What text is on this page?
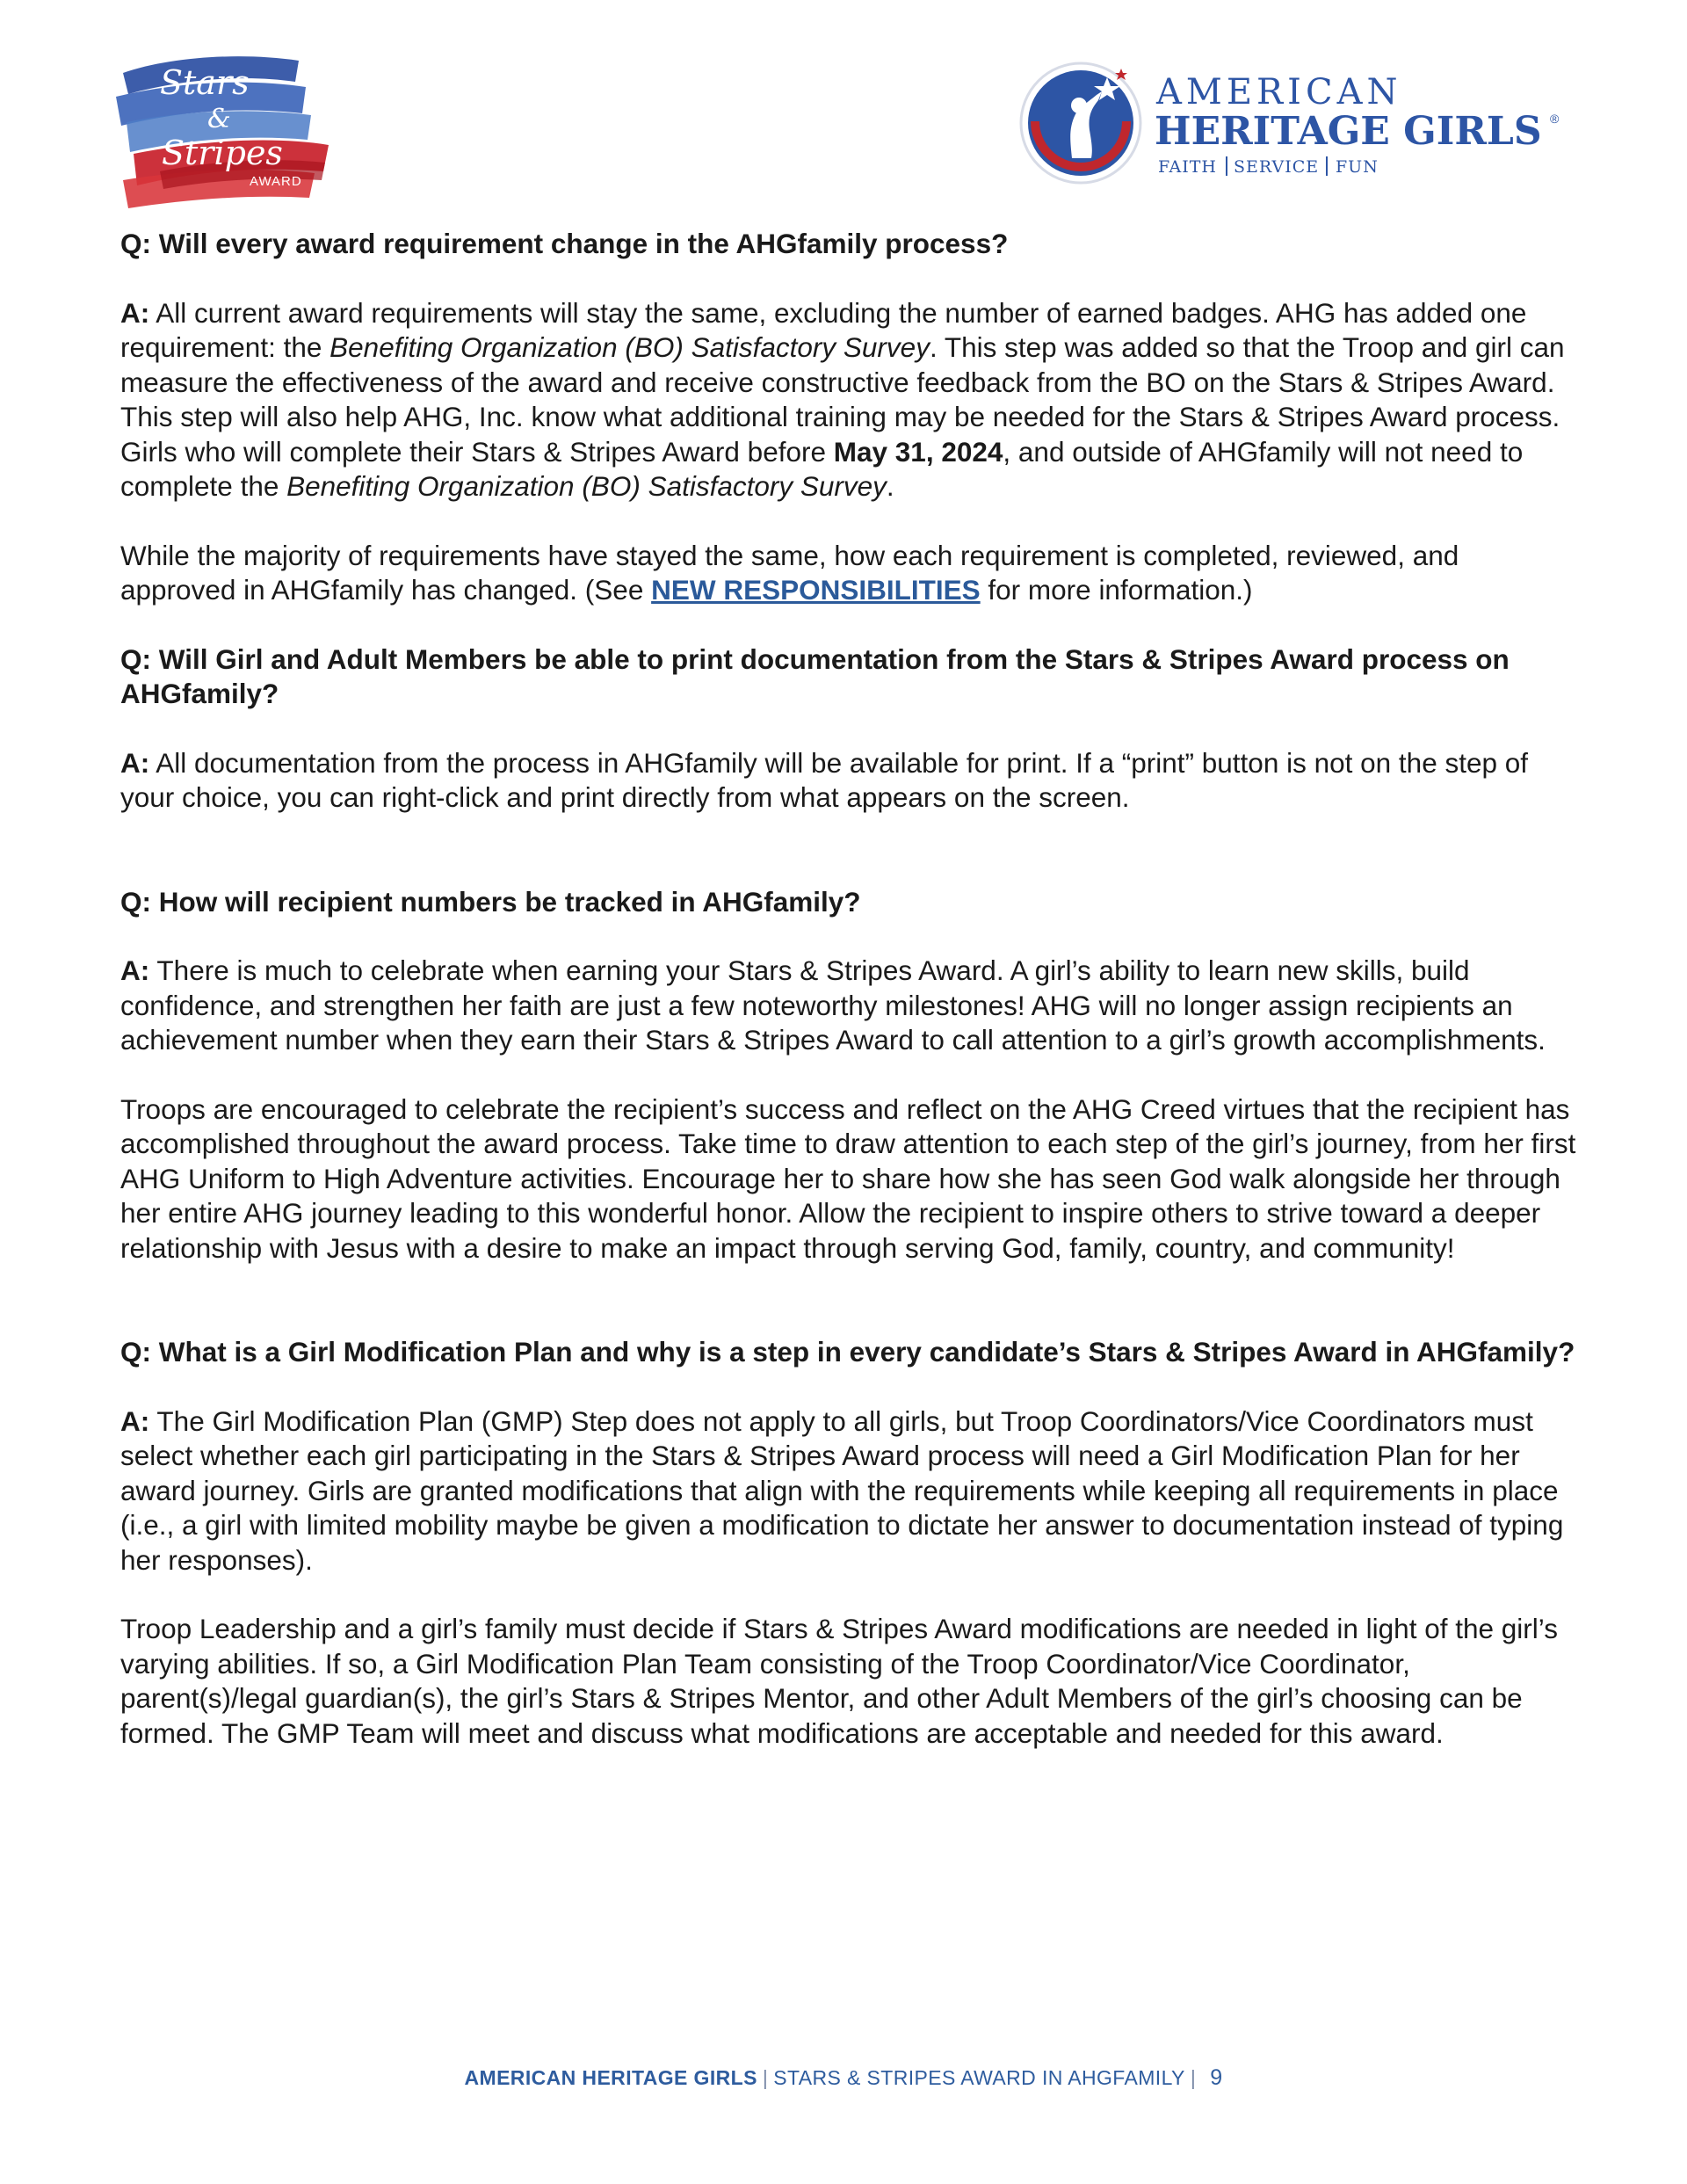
Stars
&
Stripes
AWARD
AMERICAN
HERITAGE GIRLS ®
FAITH SERVICE FUN

Q: Will every award requirement change in the AHGfamily process?

A: All current award requirements will stay the same, excluding the number of earned badges. AHG has added one requirement: the Benefiting Organization (BO) Satisfactory Survey. This step was added so that the Troop and girl can measure the effectiveness of the award and receive constructive feedback from the BO on the Stars & Stripes Award. This step will also help AHG, Inc. know what additional training may be needed for the Stars & Stripes Award process. Girls who will complete their Stars & Stripes Award before May 31, 2024, and outside of AHGfamily will not need to complete the Benefiting Organization (BO) Satisfactory Survey.

While the majority of requirements have stayed the same, how each requirement is completed, reviewed, and approved in AHGfamily has changed. (See NEW RESPONSIBILITIES for more information.)

Q: Will Girl and Adult Members be able to print documentation from the Stars & Stripes Award process on AHGfamily?

A: All documentation from the process in AHGfamily will be available for print. If a “print” button is not on the step of your choice, you can right-click and print directly from what appears on the screen.

Q: How will recipient numbers be tracked in AHGfamily?

A: There is much to celebrate when earning your Stars & Stripes Award. A girl’s ability to learn new skills, build confidence, and strengthen her faith are just a few noteworthy milestones! AHG will no longer assign recipients an achievement number when they earn their Stars & Stripes Award to call attention to a girl’s growth accomplishments.

Troops are encouraged to celebrate the recipient’s success and reflect on the AHG Creed virtues that the recipient has accomplished throughout the award process. Take time to draw attention to each step of the girl’s journey, from her first AHG Uniform to High Adventure activities. Encourage her to share how she has seen God walk alongside her through her entire AHG journey leading to this wonderful honor. Allow the recipient to inspire others to strive toward a deeper relationship with Jesus with a desire to make an impact through serving God, family, country, and community!

Q: What is a Girl Modification Plan and why is a step in every candidate’s Stars & Stripes Award in AHGfamily?

A: The Girl Modification Plan (GMP) Step does not apply to all girls, but Troop Coordinators/Vice Coordinators must select whether each girl participating in the Stars & Stripes Award process will need a Girl Modification Plan for her award journey. Girls are granted modifications that align with the requirements while keeping all requirements in place (i.e., a girl with limited mobility maybe be given a modification to dictate her answer to documentation instead of typing her responses).

Troop Leadership and a girl’s family must decide if Stars & Stripes Award modifications are needed in light of the girl’s varying abilities. If so, a Girl Modification Plan Team consisting of the Troop Coordinator/Vice Coordinator, parent(s)/legal guardian(s), the girl’s Stars & Stripes Mentor, and other Adult Members of the girl’s choosing can be formed. The GMP Team will meet and discuss what modifications are acceptable and needed for this award.

AMERICAN HERITAGE GIRLS | STARS & STRIPES AWARD IN AHGFAMILY | 9
